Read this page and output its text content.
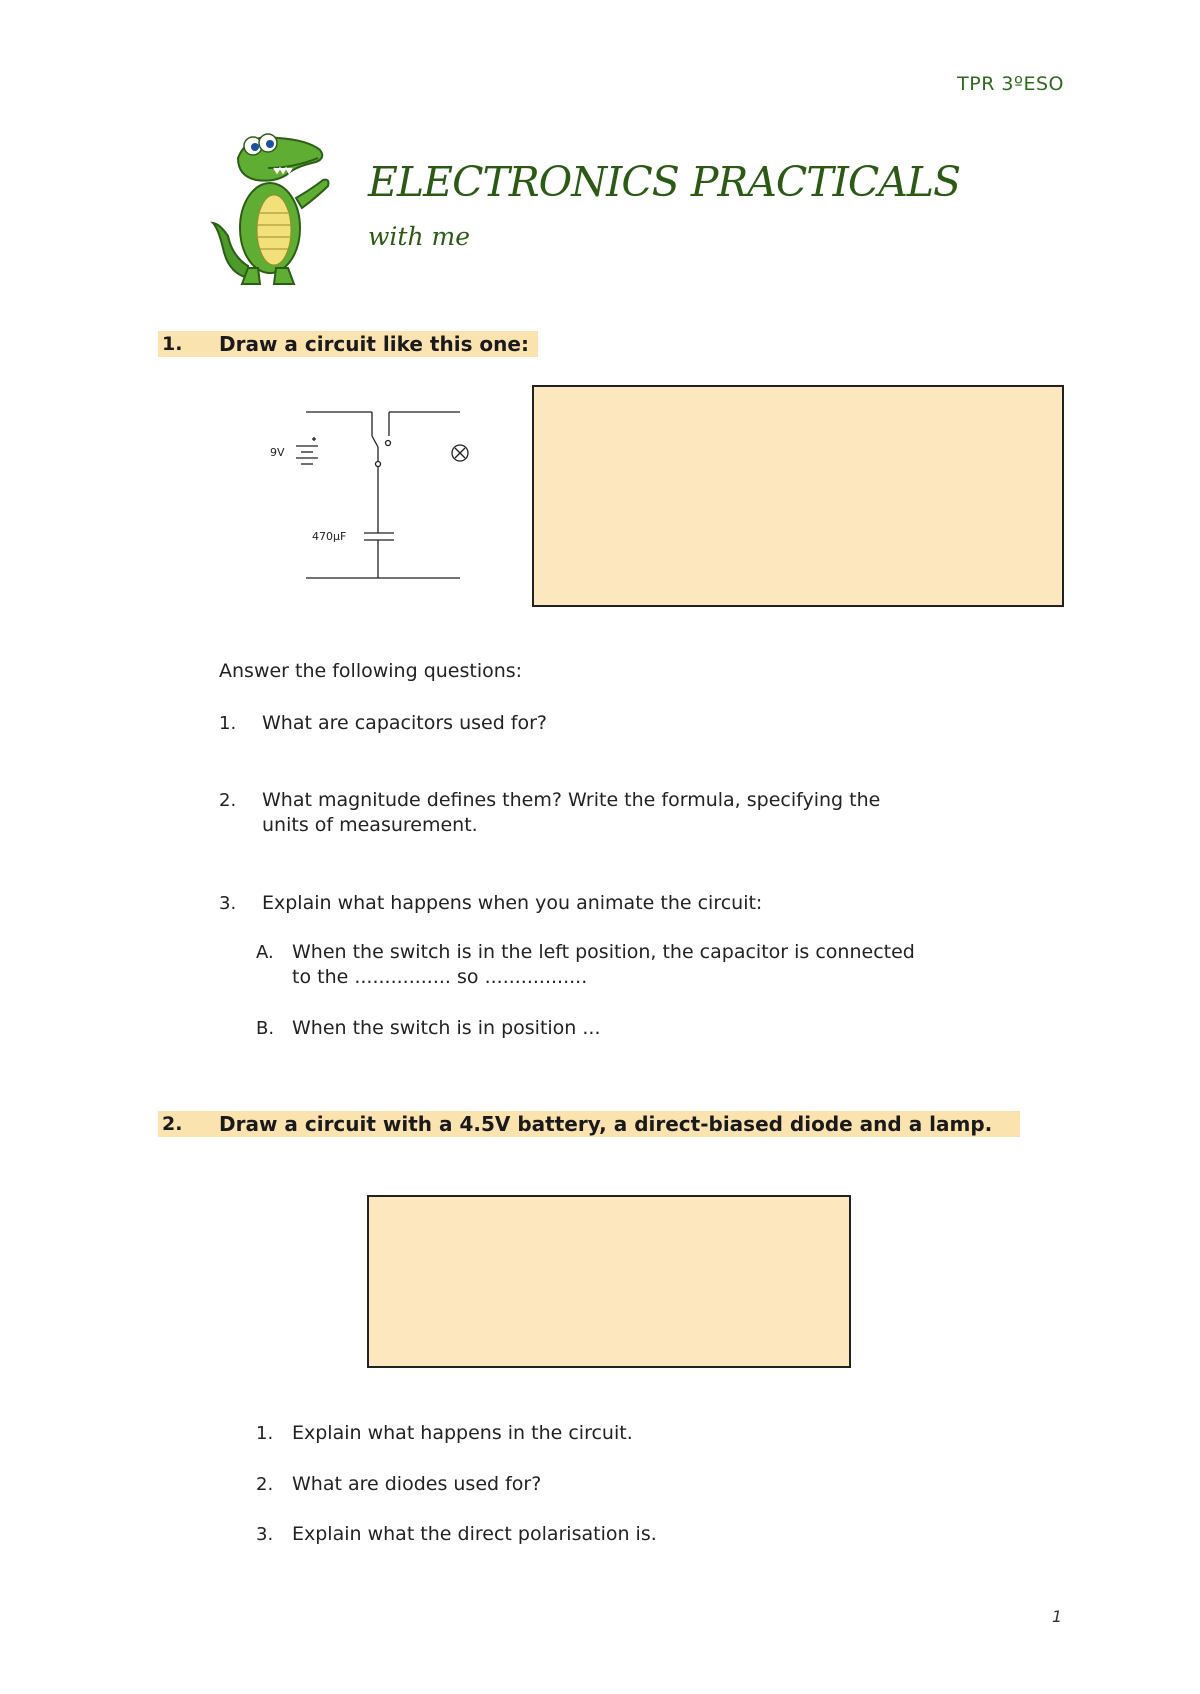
TPR 3ºESO
ELECTRONICS PRACTICALS
with me
1. Draw a circuit like this one:
9V
470μF
Answer the following questions:
1. What are capacitors used for?
2. What magnitude defines them? Write the formula, specifying the
units of measurement.
3. Explain what happens when you animate the circuit:
A. When the switch is in the left position, the capacitor is connected
to the ................ so .................
B. When the switch is in position ...
2. Draw a circuit with a 4.5V battery, a direct-biased diode and a lamp.
1. Explain what happens in the circuit.
2. What are diodes used for?
3. Explain what the direct polarisation is.
1
